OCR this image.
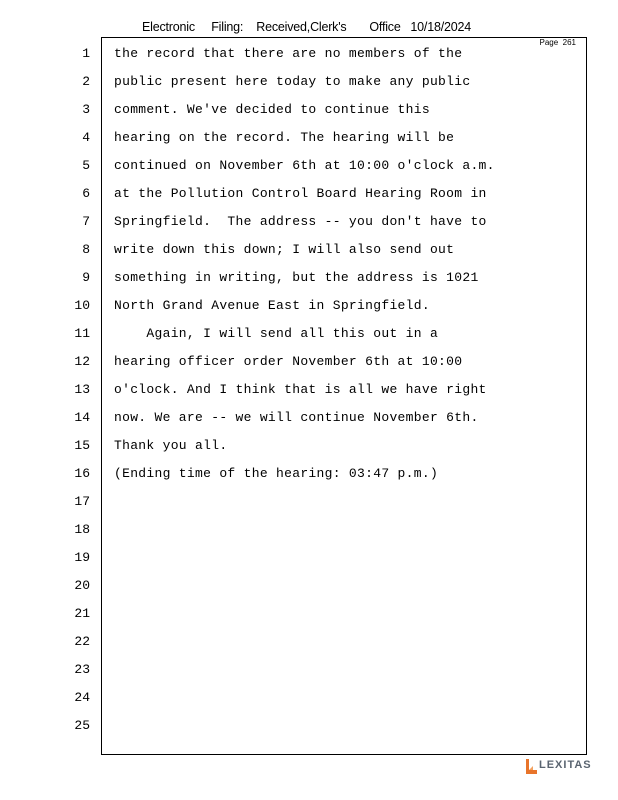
Electronic     Filing:    Received,Clerk's       Office   10/18/2024
Page  261
1
2
3
4
5
6
7
8
9
10
11
12
13
14
15
16
17
18
19
20
21
22
23
24
25
the record that there are no members of the
public present here today to make any public
comment. We've decided to continue this
hearing on the record. The hearing will be
continued on November 6th at 10:00 o'clock a.m.
at the Pollution Control Board Hearing Room in
Springfield.  The address -- you don't have to
write down this down; I will also send out
something in writing, but the address is 1021
North Grand Avenue East in Springfield.
Again, I will send all this out in a
hearing officer order November 6th at 10:00
o'clock. And I think that is all we have right
now. We are -- we will continue November 6th.
Thank you all.
(Ending time of the hearing: 03:47 p.m.)
LEXITAS
